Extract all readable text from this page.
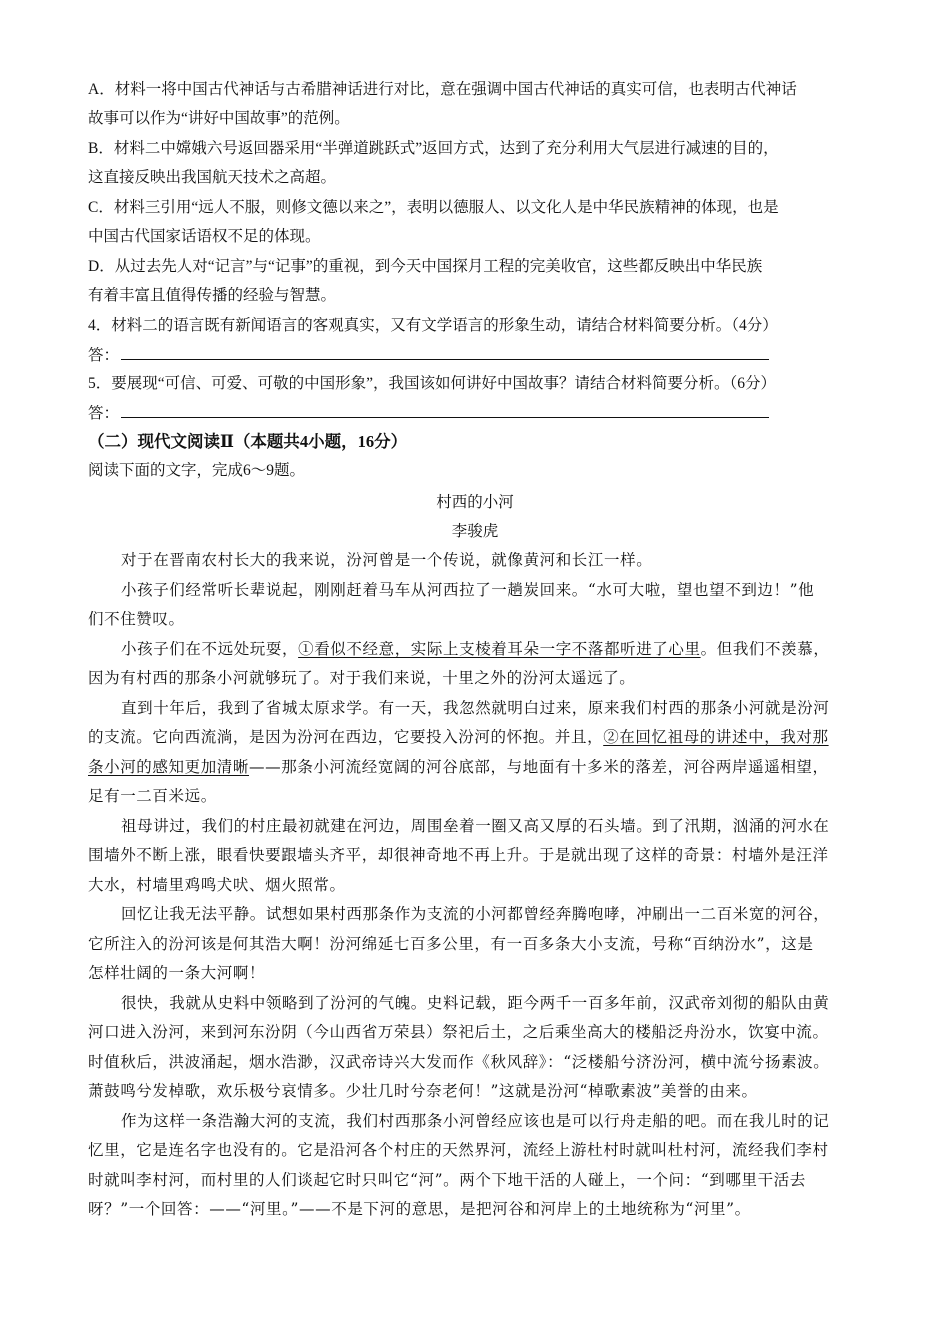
A．材料一将中国古代神话与古希腊神话进行对比，意在强调中国古代神话的真实可信，也表明古代神话
故事可以作为“讲好中国故事”的范例。
B．材料二中嫦娥六号返回器采用“半弹道跳跃式”返回方式，达到了充分利用大气层进行减速的目的，
这直接反映出我国航天技术之高超。
C．材料三引用“远人不服，则修文德以来之”，表明以德服人、以文化人是中华民族精神的体现，也是
中国古代国家话语权不足的体现。
D．从过去先人对“记言”与“记事”的重视，到今天中国探月工程的完美收官，这些都反映出中华民族
有着丰富且值得传播的经验与智慧。
4．材料二的语言既有新闻语言的客观真实，又有文学语言的形象生动，请结合材料简要分析。（4分）
答：
5．要展现“可信、可爱、可敬的中国形象”，我国该如何讲好中国故事？请结合材料简要分析。（6分）
答：
（二）现代文阅读Ⅱ（本题共4小题，16分）
阅读下面的文字，完成6～9题。
村西的小河
李骏虎
对于在晋南农村长大的我来说，汾河曾是一个传说，就像黄河和长江一样。
小孩子们经常听长辈说起，刚刚赶着马车从河西拉了一趟炭回来。“水可大啦，望也望不到边！”他
们不住赞叹。
小孩子们在不远处玩耍，①看似不经意，实际上支棱着耳朵一字不落都听进了心里。但我们不羡慕，
因为有村西的那条小河就够玩了。对于我们来说，十里之外的汾河太遥远了。
直到十年后，我到了省城太原求学。有一天，我忽然就明白过来，原来我们村西的那条小河就是汾河
的支流。它向西流淌，是因为汾河在西边，它要投入汾河的怀抱。并且，②在回忆祖母的讲述中，我对那
条小河的感知更加清晰——那条小河流经宽阔的河谷底部，与地面有十多米的落差，河谷两岸遥遥相望，
足有一二百米远。
祖母讲过，我们的村庄最初就建在河边，周围垒着一圈又高又厚的石头墙。到了汛期，汹涌的河水在
围墙外不断上涨，眼看快要跟墙头齐平，却很神奇地不再上升。于是就出现了这样的奇景：村墙外是汪洋
大水，村墙里鸡鸣犬吠、烟火照常。
回忆让我无法平静。试想如果村西那条作为支流的小河都曾经奔腾咆哮，冲刷出一二百米宽的河谷，
它所注入的汾河该是何其浩大啊！汾河绵延七百多公里，有一百多条大小支流，号称“百纳汾水”，这是
怎样壮阔的一条大河啊！
很快，我就从史料中领略到了汾河的气魄。史料记载，距今两千一百多年前，汉武帝刘彻的船队由黄
河口进入汾河，来到河东汾阴（今山西省万荣县）祭祀后土，之后乘坐高大的楼船泛舟汾水，饮宴中流。
时值秋后，洪波涌起，烟水浩渺，汉武帝诗兴大发而作《秋风辞》：“泛楼船兮济汾河，横中流兮扬素波。
萧鼓鸣兮发棹歌，欢乐极兮哀情多。少壮几时兮奈老何！”这就是汾河“棹歌素波”美誉的由来。
作为这样一条浩瀚大河的支流，我们村西那条小河曾经应该也是可以行舟走船的吧。而在我儿时的记
忆里，它是连名字也没有的。它是沿河各个村庄的天然界河，流经上游杜村时就叫杜村河，流经我们李村
时就叫李村河，而村里的人们谈起它时只叫它“河”。两个下地干活的人碰上，一个问：“到哪里干活去
呀？”一个回答：——“河里。”——不是下河的意思，是把河谷和河岸上的土地统称为“河里”。
